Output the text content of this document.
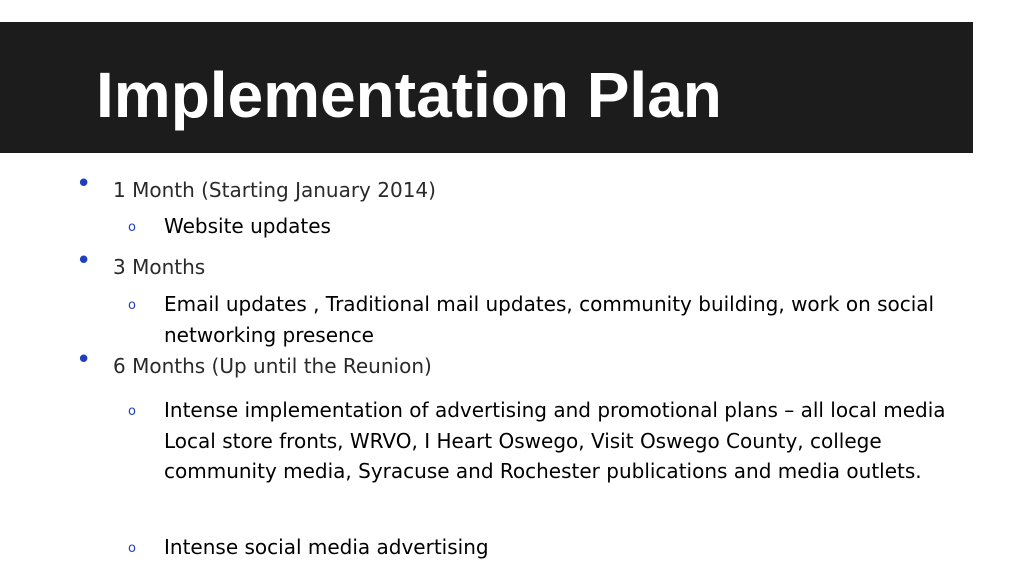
Implementation Plan
• 1 Month (Starting January 2014)
o Website updates
• 3 Months
o Email updates , Traditional mail updates, community building, work on social networking presence
• 6 Months (Up until the Reunion)
o Intense implementation of advertising and promotional plans – all local media Local store fronts, WRVO, I Heart Oswego, Visit Oswego County, college community media, Syracuse and Rochester publications and media outlets.
o Intense social media advertising
